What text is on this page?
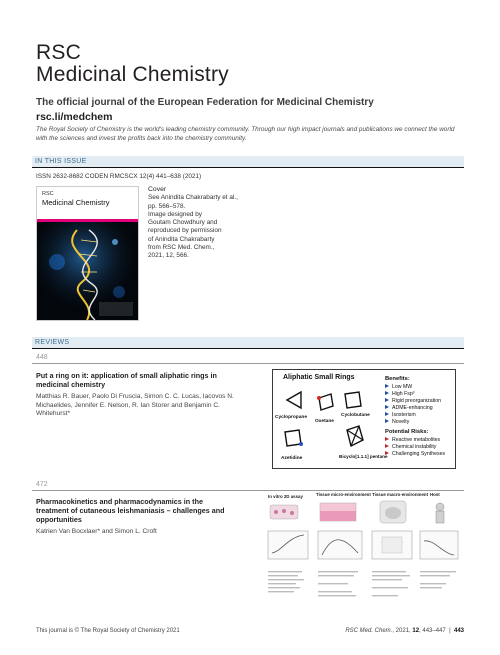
RSC
Medicinal Chemistry
The official journal of the European Federation for Medicinal Chemistry
rsc.li/medchem
The Royal Society of Chemistry is the world's leading chemistry community. Through our high impact journals and publications we connect the world with the sciences and invest the profits back into the chemistry community.
IN THIS ISSUE
ISSN 2632-8682 CODEN RMCSCX 12(4) 441–638 (2021)
RSC
Medicinal Chemistry
Cover
See Anindita Chakrabarty et al.,
pp. 566–578.
Image designed by
Goutam Chowdhury and
reproduced by permission
of Anindita Chakrabarty
from RSC Med. Chem.,
2021, 12, 566.
REVIEWS
448
Put a ring on it: application of small aliphatic rings in medicinal chemistry
Matthias R. Bauer, Paolo Di Fruscia, Simon C. C. Lucas, Iacovos N. Michaelides, Jennifer E. Nelson, R. Ian Storer and Benjamin C. Whitehurst*
Aliphatic Small Rings
Cyclopropane
Oxetane
Cyclobutane
Azetidine	Bicyclo[1.1.1] pentane
Benefits:
Low MW
High Fsp³
Rigid preorganization
ADME-enhancing
Isosterism
Novelty
Potential Risks:
Reactive metabolites
Chemical instability
Challenging Syntheses
472
Pharmacokinetics and pharmacodynamics in the treatment of cutaneous leishmaniasis – challenges and opportunities
Katrien Van Bocxlaer* and Simon L. Croft
In vitro 2D assay	Tissue micro-environment Tissue macro-environment Host
This journal is © The Royal Society of Chemistry 2021	RSC Med. Chem., 2021, 12, 443–447  |  443
